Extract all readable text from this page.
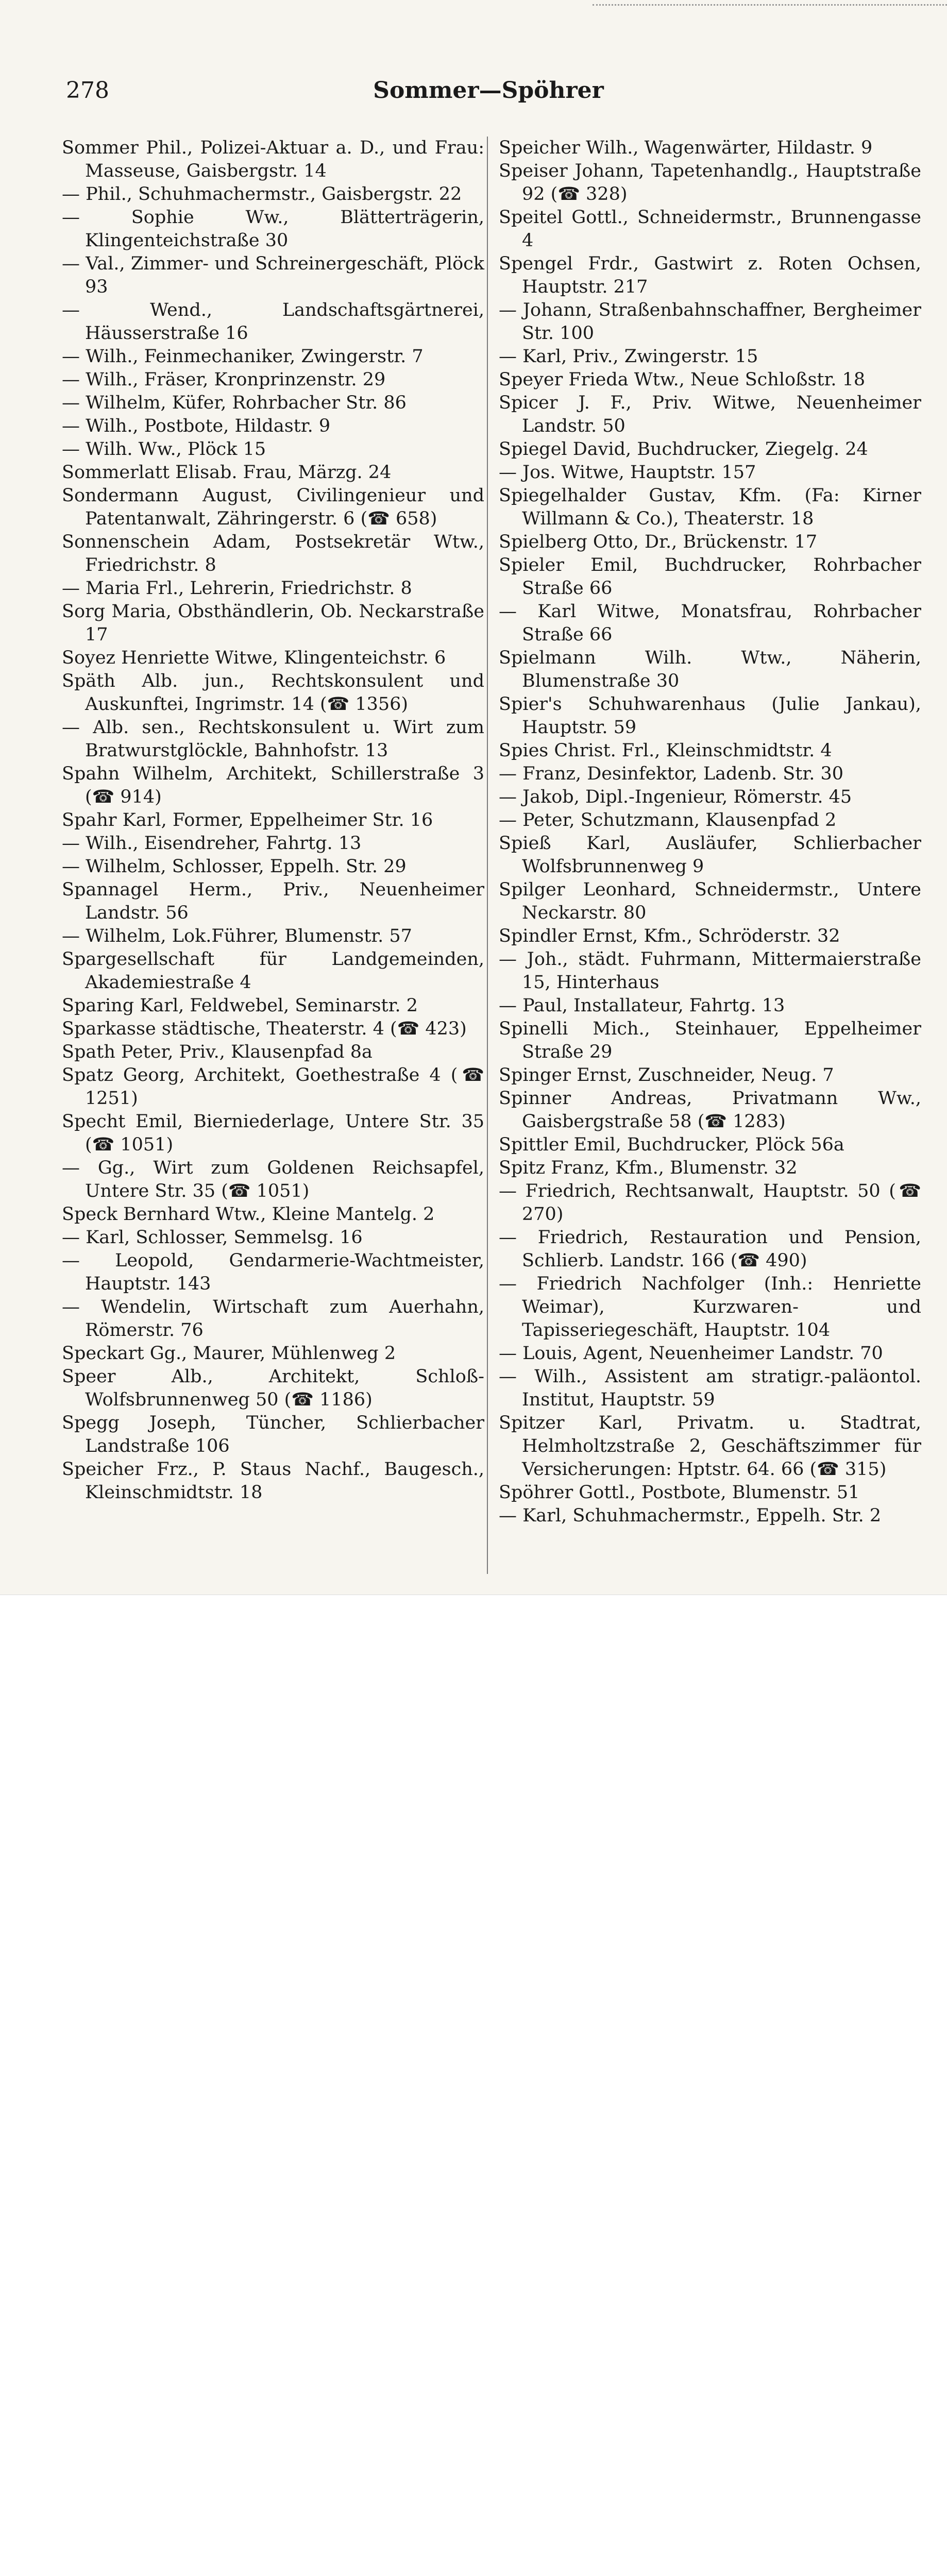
278	Sommer—Spöhrer
Sommer Phil., Polizei-Aktuar a. D., und Frau: Masseuse, Gaisbergstr. 14
— Phil., Schuhmachermstr., Gaisbergstr. 22
— Sophie Ww., Blätterträgerin, Klingenteichstraße 30
— Val., Zimmer- und Schreinergeschäft, Plöck 93
— Wend., Landschaftsgärtnerei, Häusserstraße 16
— Wilh., Feinmechaniker, Zwingerstr. 7
— Wilh., Fräser, Kronprinzenstr. 29
— Wilhelm, Küfer, Rohrbacher Str. 86
— Wilh., Postbote, Hildastr. 9
— Wilh. Ww., Plöck 15
Sommerlatt Elisab. Frau, Märzg. 24
Sondermann August, Civilingenieur und Patentanwalt, Zähringerstr. 6 (☎ 658)
Sonnenschein Adam, Postsekretär Wtw., Friedrichstr. 8
— Maria Frl., Lehrerin, Friedrichstr. 8
Sorg Maria, Obsthändlerin, Ob. Neckarstraße 17
Soyez Henriette Witwe, Klingenteichstr. 6
Späth Alb. jun., Rechtskonsulent und Auskunftei, Ingrimstr. 14 (☎ 1356)
— Alb. sen., Rechtskonsulent u. Wirt zum Bratwurstglöckle, Bahnhofstr. 13
Spahn Wilhelm, Architekt, Schillerstraße 3 (☎ 914)
Spahr Karl, Former, Eppelheimer Str. 16
— Wilh., Eisendreher, Fahrtg. 13
— Wilhelm, Schlosser, Eppelh. Str. 29
Spannagel Herm., Priv., Neuenheimer Landstr. 56
— Wilhelm, Lok.Führer, Blumenstr. 57
Spargesellschaft für Landgemeinden, Akademiestraße 4
Sparing Karl, Feldwebel, Seminarstr. 2
Sparkasse städtische, Theaterstr. 4 (☎ 423)
Spath Peter, Priv., Klausenpfad 8a
Spatz Georg, Architekt, Goethestraße 4 (☎ 1251)
Specht Emil, Bierniederlage, Untere Str. 35 (☎ 1051)
— Gg., Wirt zum Goldenen Reichsapfel, Untere Str. 35 (☎ 1051)
Speck Bernhard Wtw., Kleine Mantelg. 2
— Karl, Schlosser, Semmelsg. 16
— Leopold, Gendarmerie-Wachtmeister, Hauptstr. 143
— Wendelin, Wirtschaft zum Auerhahn, Römerstr. 76
Speckart Gg., Maurer, Mühlenweg 2
Speer Alb., Architekt, Schloß-Wolfsbrunnenweg 50 (☎ 1186)
Spegg Joseph, Tüncher, Schlierbacher Landstraße 106
Speicher Frz., P. Staus Nachf., Baugesch., Kleinschmidtstr. 18
Speicher Wilh., Wagenwärter, Hildastr. 9
Speiser Johann, Tapetenhandlg., Hauptstraße 92 (☎ 328)
Speitel Gottl., Schneidermstr., Brunnengasse 4
Spengel Frdr., Gastwirt z. Roten Ochsen, Hauptstr. 217
— Johann, Straßenbahnschaffner, Bergheimer Str. 100
— Karl, Priv., Zwingerstr. 15
Speyer Frieda Wtw., Neue Schloßstr. 18
Spicer J. F., Priv. Witwe, Neuenheimer Landstr. 50
Spiegel David, Buchdrucker, Ziegelg. 24
— Jos. Witwe, Hauptstr. 157
Spiegelhalder Gustav, Kfm. (Fa: Kirner Willmann & Co.), Theaterstr. 18
Spielberg Otto, Dr., Brückenstr. 17
Spieler Emil, Buchdrucker, Rohrbacher Straße 66
— Karl Witwe, Monatsfrau, Rohrbacher Straße 66
Spielmann Wilh. Wtw., Näherin, Blumenstraße 30
Spier's Schuhwarenhaus (Julie Jankau), Hauptstr. 59
Spies Christ. Frl., Kleinschmidtstr. 4
— Franz, Desinfektor, Ladenb. Str. 30
— Jakob, Dipl.-Ingenieur, Römerstr. 45
— Peter, Schutzmann, Klausenpfad 2
Spieß Karl, Ausläufer, Schlierbacher Wolfsbrunnenweg 9
Spilger Leonhard, Schneidermstr., Untere Neckarstr. 80
Spindler Ernst, Kfm., Schröderstr. 32
— Joh., städt. Fuhrmann, Mittermaierstraße 15, Hinterhaus
— Paul, Installateur, Fahrtg. 13
Spinelli Mich., Steinhauer, Eppelheimer Straße 29
Spinger Ernst, Zuschneider, Neug. 7
Spinner Andreas, Privatmann Ww., Gaisbergstraße 58 (☎ 1283)
Spittler Emil, Buchdrucker, Plöck 56a
Spitz Franz, Kfm., Blumenstr. 32
— Friedrich, Rechtsanwalt, Hauptstr. 50 (☎ 270)
— Friedrich, Restauration und Pension, Schlierb. Landstr. 166 (☎ 490)
— Friedrich Nachfolger (Inh.: Henriette Weimar), Kurzwaren- und Tapisseriegeschäft, Hauptstr. 104
— Louis, Agent, Neuenheimer Landstr. 70
— Wilh., Assistent am stratigr.-paläontol. Institut, Hauptstr. 59
Spitzer Karl, Privatm. u. Stadtrat, Helmholtzstraße 2, Geschäftszimmer für Versicherungen: Hptstr. 64. 66 (☎ 315)
Spöhrer Gottl., Postbote, Blumenstr. 51
— Karl, Schuhmachermstr., Eppelh. Str. 2
